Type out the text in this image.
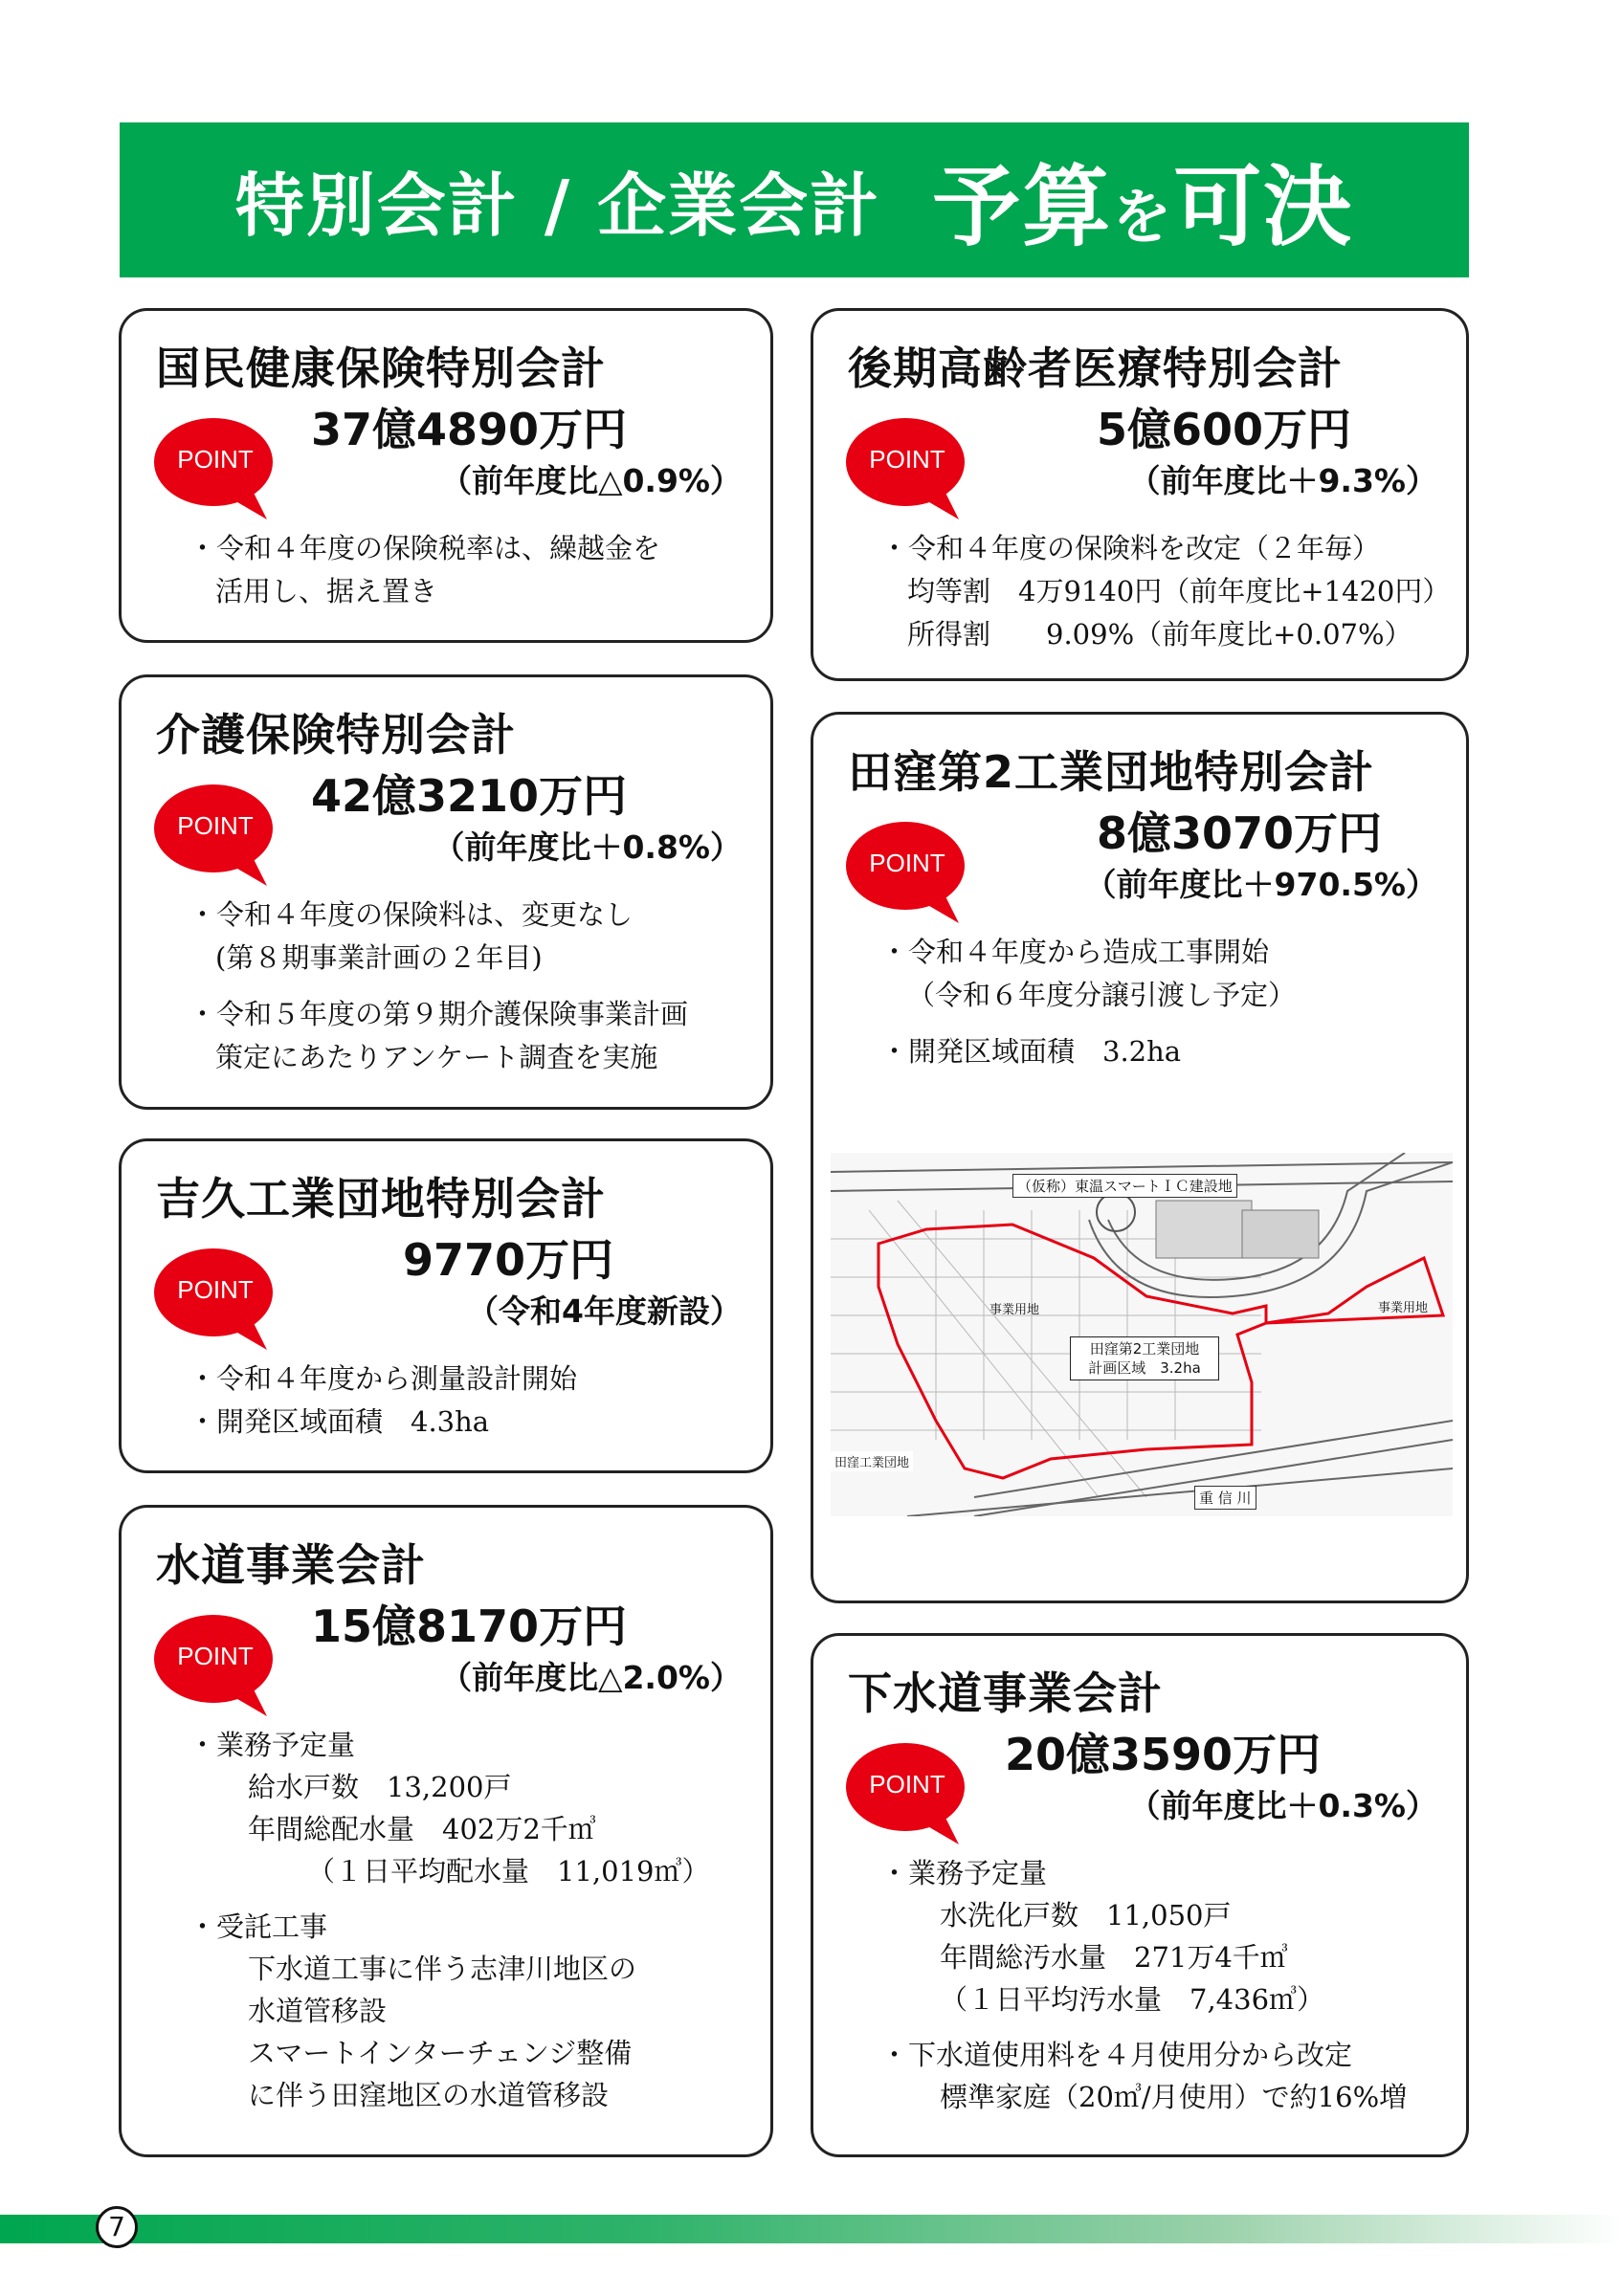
特別会計 / 企業会計 予算を可決
国民健康保険特別会計
37億4890万円
（前年度比△0.9%）
POINT
・令和４年度の保険税率は、繰越金を
活用し、据え置き
後期高齢者医療特別会計
5億600万円
（前年度比＋9.3%）
POINT
・令和４年度の保険料を改定（２年毎）
均等割　4万9140円（前年度比+1420円）
所得割　　9.09%（前年度比+0.07%）
介護保険特別会計
42億3210万円
（前年度比＋0.8%）
POINT
・令和４年度の保険料は、変更なし
(第８期事業計画の２年目)
・令和５年度の第９期介護保険事業計画
策定にあたりアンケート調査を実施
田窪第2工業団地特別会計
8億3070万円
（前年度比＋970.5%）
POINT
・令和４年度から造成工事開始
（令和６年度分譲引渡し予定）
・開発区域面積　3.2ha
（仮称）東温スマートＩＣ建設地
田窪第2工業団地
計画区域　3.2ha
事業用地	事業用地
田窪工業団地
重 信 川
吉久工業団地特別会計
9770万円
（令和4年度新設）
POINT
・令和４年度から測量設計開始
・開発区域面積　4.3ha
水道事業会計
15億8170万円
（前年度比△2.0%）
POINT
・業務予定量
給水戸数　13,200戸
年間総配水量　402万2千㎥
（１日平均配水量　11,019㎥）
・受託工事
下水道工事に伴う志津川地区の
水道管移設
スマートインターチェンジ整備
に伴う田窪地区の水道管移設
下水道事業会計
20億3590万円
（前年度比＋0.3%）
POINT
・業務予定量
水洗化戸数　11,050戸
年間総汚水量　271万4千㎥
（１日平均汚水量　7,436㎥）
・下水道使用料を４月使用分から改定
標準家庭（20㎥/月使用）で約16%増
7
